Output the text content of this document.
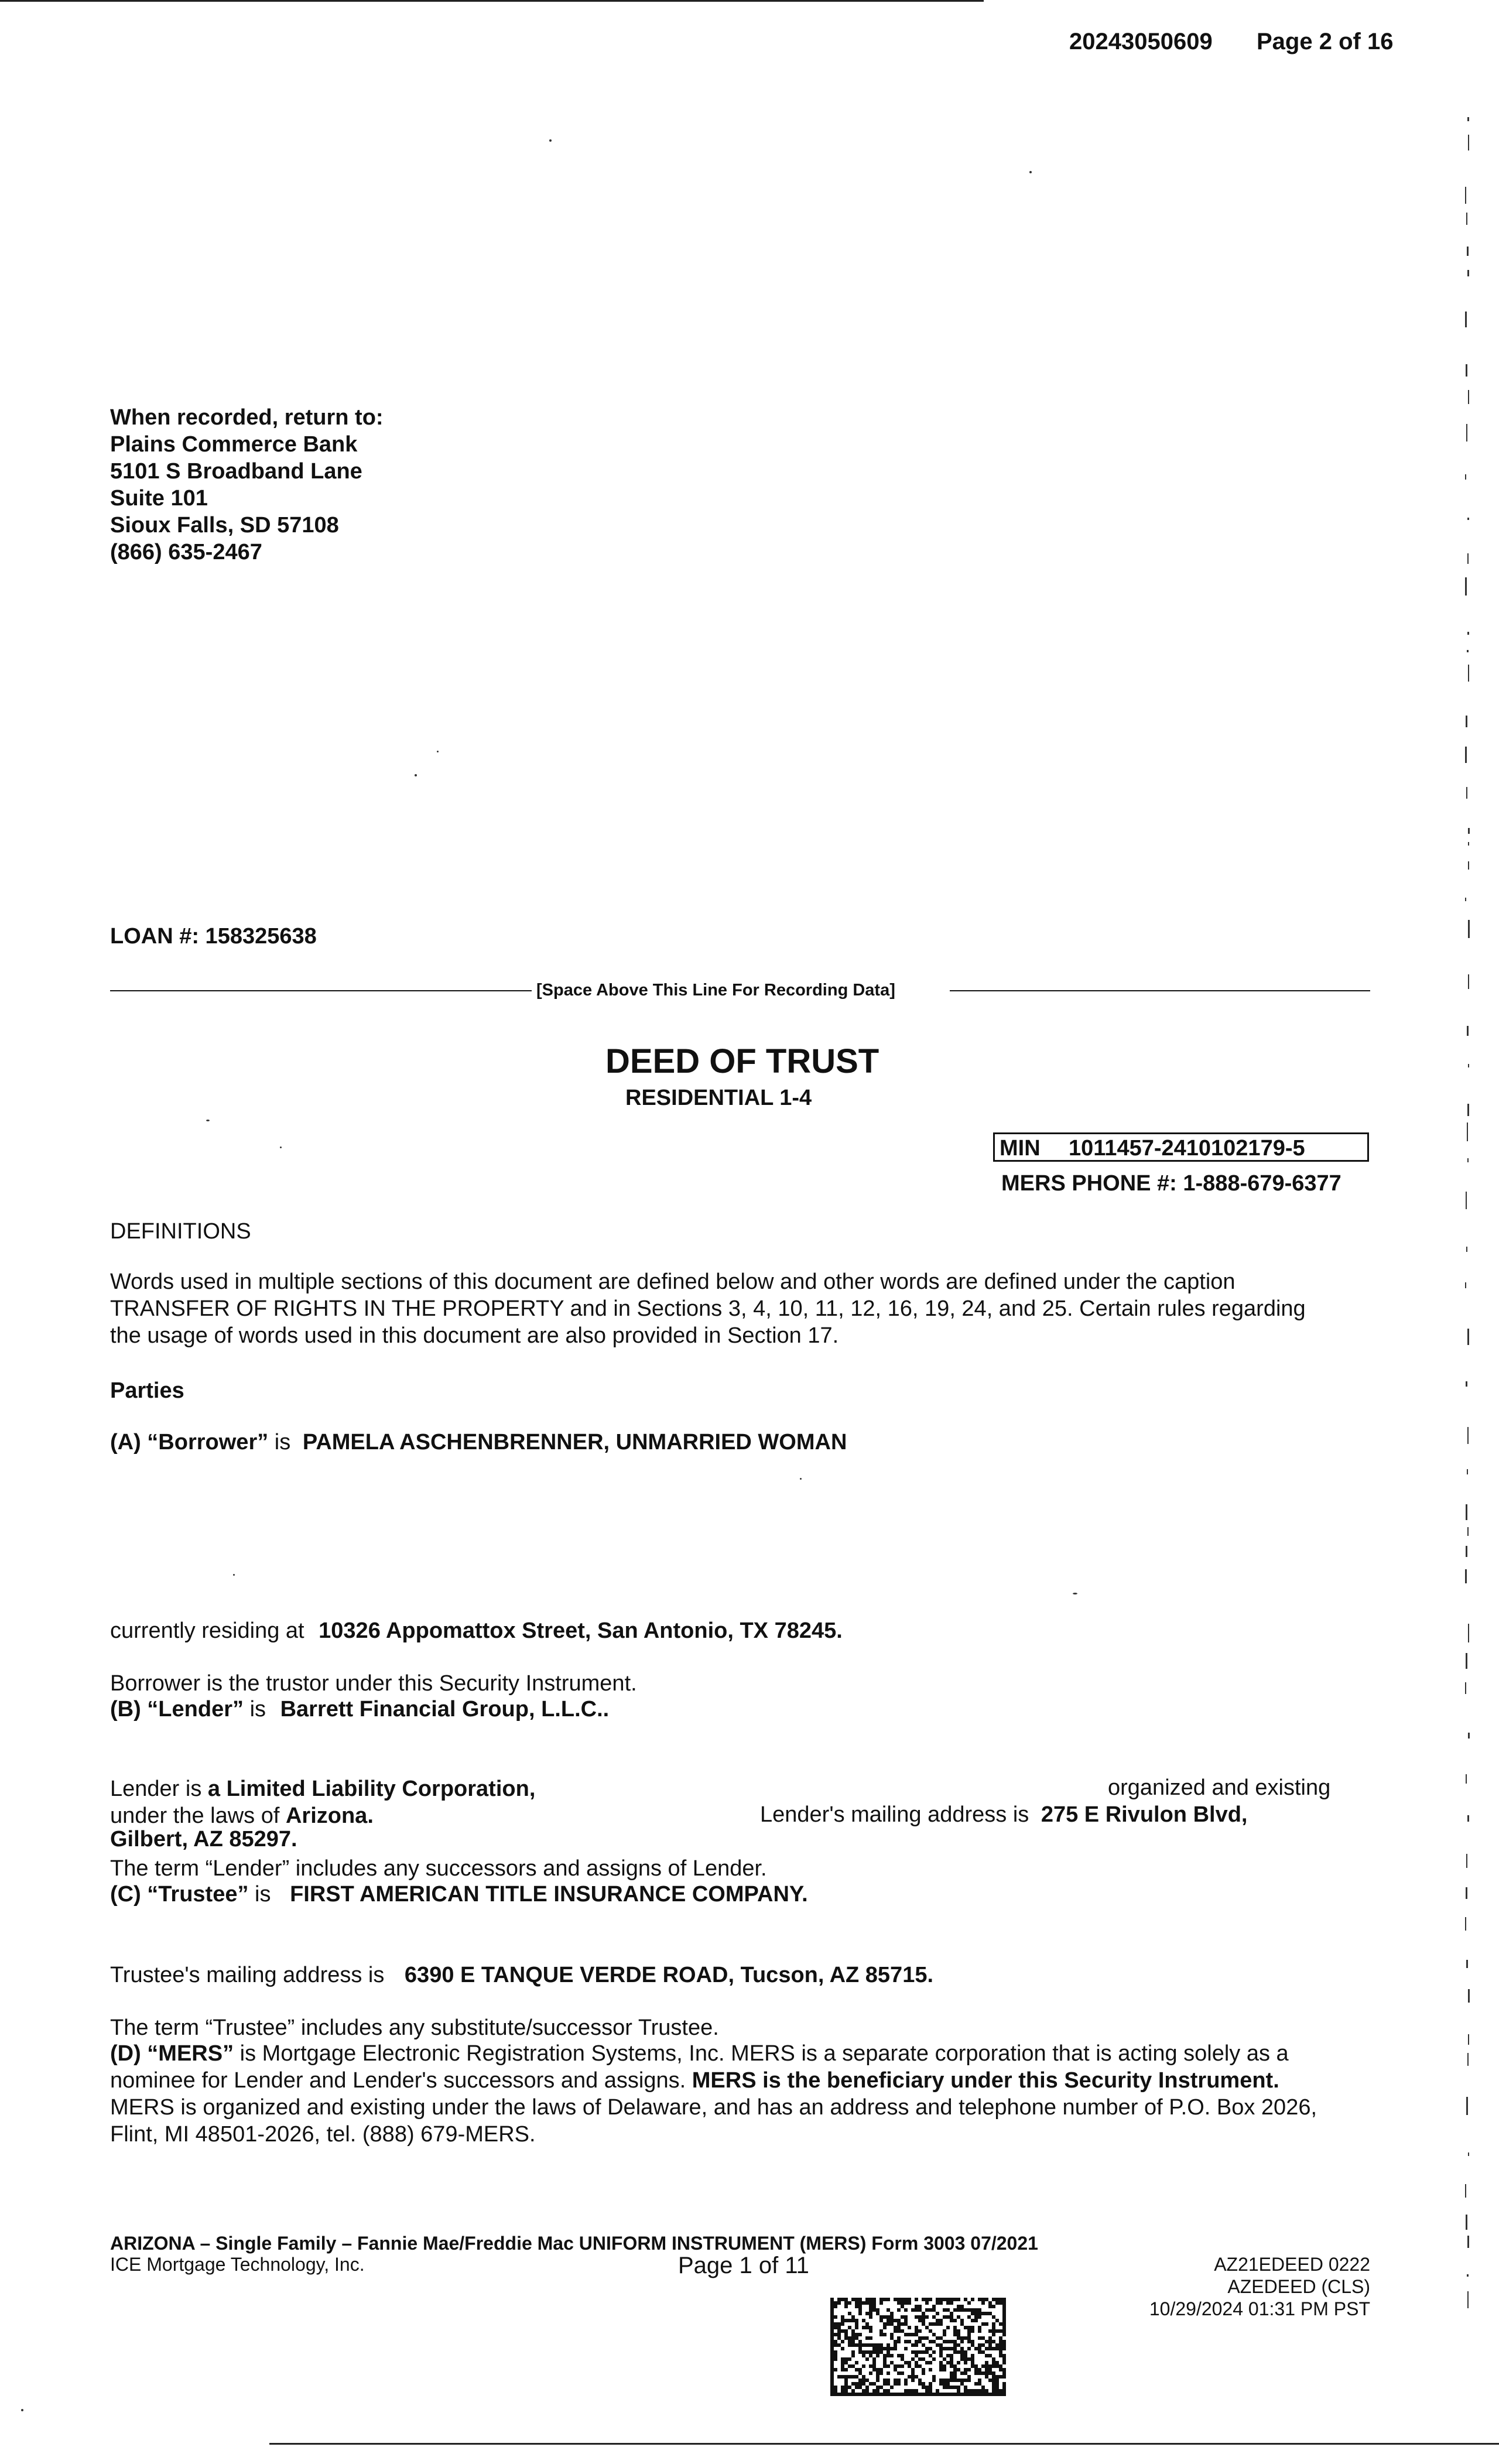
20243050609 Page 2 of 16
When recorded, return to:
Plains Commerce Bank
5101 S Broadband Lane
Suite 101
Sioux Falls, SD 57108
(866) 635-2467
LOAN #: 158325638
[Space Above This Line For Recording Data]
DEED OF TRUST
RESIDENTIAL 1-4
MIN 1011457-2410102179-5
MERS PHONE #: 1-888-679-6377
DEFINITIONS
Words used in multiple sections of this document are defined below and other words are defined under the caption
TRANSFER OF RIGHTS IN THE PROPERTY and in Sections 3, 4, 10, 11, 12, 16, 19, 24, and 25. Certain rules regarding
the usage of words used in this document are also provided in Section 17.
Parties
(A) “Borrower” is PAMELA ASCHENBRENNER, UNMARRIED WOMAN
currently residing at 10326 Appomattox Street, San Antonio, TX 78245.
Borrower is the trustor under this Security Instrument.
(B) “Lender” is Barrett Financial Group, L.L.C..
Lender is a Limited Liability Corporation,	organized and existing
under the laws of Arizona.	Lender's mailing address is 275 E Rivulon Blvd,
Gilbert, AZ 85297.
The term “Lender” includes any successors and assigns of Lender.
(C) “Trustee” is FIRST AMERICAN TITLE INSURANCE COMPANY.
Trustee's mailing address is 6390 E TANQUE VERDE ROAD, Tucson, AZ 85715.
The term “Trustee” includes any substitute/successor Trustee.
(D) “MERS” is Mortgage Electronic Registration Systems, Inc. MERS is a separate corporation that is acting solely as a
nominee for Lender and Lender's successors and assigns. MERS is the beneficiary under this Security Instrument.
MERS is organized and existing under the laws of Delaware, and has an address and telephone number of P.O. Box 2026,
Flint, MI 48501-2026, tel. (888) 679-MERS.
ARIZONA – Single Family – Fannie Mae/Freddie Mac UNIFORM INSTRUMENT (MERS) Form 3003 07/2021
ICE Mortgage Technology, Inc.	Page 1 of 11	AZ21EDEED 0222
AZEDEED (CLS)
10/29/2024 01:31 PM PST
